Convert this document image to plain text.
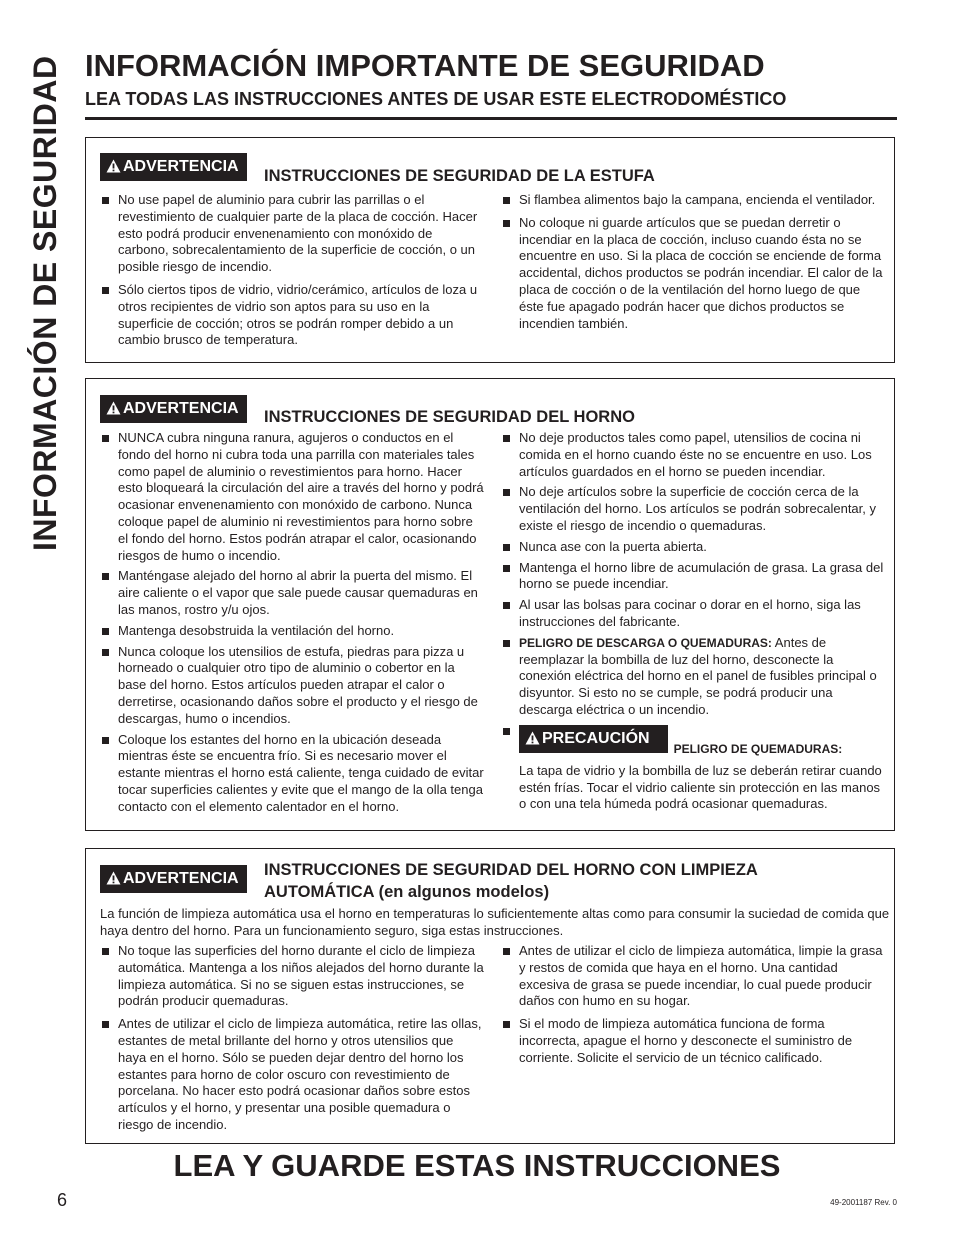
INFORMACIÓN DE SEGURIDAD INFORMACIÓN IMPORTANTE DE SEGURIDAD
LEA TODAS LAS INSTRUCCIONES ANTES DE USAR ESTE ELECTRODOMÉSTICO
ADVERTENCIA
INSTRUCCIONES DE SEGURIDAD DE LA ESTUFA
No use papel de aluminio para cubrir las parrillas o el revestimiento de cualquier parte de la placa de cocción. Hacer esto podrá producir envenenamiento con monóxido de carbono, sobrecalentamiento de la superficie de cocción, o un posible riesgo de incendio.
Sólo ciertos tipos de vidrio, vidrio/cerámico, artículos de loza u otros recipientes de vidrio son aptos para su uso en la superficie de cocción; otros se podrán romper debido a un cambio brusco de temperatura.
Si flambea alimentos bajo la campana, encienda el ventilador.
No coloque ni guarde artículos que se puedan derretir o incendiar en la placa de cocción, incluso cuando ésta no se encuentre en uso. Si la placa de cocción se enciende de forma accidental, dichos productos se podrán incendiar. El calor de la placa de cocción o de la ventilación del horno luego de que éste fue apagado podrán hacer que dichos productos se incendien también.
ADVERTENCIA	INSTRUCCIONES DE SEGURIDAD DEL HORNO
NUNCA cubra ninguna ranura, agujeros o conductos en el fondo del horno ni cubra toda una parrilla con materiales tales como papel de aluminio o revestimientos para horno. Hacer esto bloqueará la circulación del aire a través del horno y podrá ocasionar envenenamiento con monóxido de carbono. Nunca coloque papel de aluminio ni revestimientos para horno sobre el fondo del horno. Estos podrán atrapar el calor, ocasionando riesgos de humo o incendio.
Manténgase alejado del horno al abrir la puerta del mismo. El aire caliente o el vapor que sale puede causar quemaduras en las manos, rostro y/u ojos.
Mantenga desobstruida la ventilación del horno.
Nunca coloque los utensilios de estufa, piedras para pizza u horneado o cualquier otro tipo de aluminio o cobertor en la base del horno. Estos artículos pueden atrapar el calor o derretirse, ocasionando daños sobre el producto y el riesgo de descargas, humo o incendios.
Coloque los estantes del horno en la ubicación deseada mientras éste se encuentra frío. Si es necesario mover el estante mientras el horno está caliente, tenga cuidado de evitar tocar superficies calientes y evite que el mango de la olla tenga contacto con el elemento calentador en el horno.
No deje productos tales como papel, utensilios de cocina ni comida en el horno cuando éste no se encuentre en uso. Los artículos guardados en el horno se pueden incendiar.
No deje artículos sobre la superficie de cocción cerca de la ventilación del horno. Los artículos se podrán sobrecalentar, y existe el riesgo de incendio o quemaduras.
Nunca ase con la puerta abierta.
Mantenga el horno libre de acumulación de grasa. La grasa del horno se puede incendiar.
Al usar las bolsas para cocinar o dorar en el horno, siga las instrucciones del fabricante.
PELIGRO DE DESCARGA O QUEMADURAS: Antes de reemplazar la bombilla de luz del horno, desconecte la conexión eléctrica del horno en el panel de fusibles principal o disyuntor. Si esto no se cumple, se podrá producir una descarga eléctrica o un incendio.
PRECAUCIÓNPELIGRO DE QUEMADURAS:
La tapa de vidrio y la bombilla de luz se deberán retirar cuando estén frías. Tocar el vidrio caliente sin protección en las manos o con una tela húmeda podrá ocasionar quemaduras.
ADVERTENCIA	INSTRUCCIONES DE SEGURIDAD DEL HORNO CON LIMPIEZA
AUTOMÁTICA (en algunos modelos)
La función de limpieza automática usa el horno en temperaturas lo suficientemente altas como para consumir la suciedad de comida que haya dentro del horno. Para un funcionamiento seguro, siga estas instrucciones.
No toque las superficies del horno durante el ciclo de limpieza automática. Mantenga a los niños alejados del horno durante la limpieza automática. Si no se siguen estas instrucciones, se podrán producir quemaduras.
Antes de utilizar el ciclo de limpieza automática, retire las ollas, estantes de metal brillante del horno y otros utensilios que haya en el horno. Sólo se pueden dejar dentro del horno los estantes para horno de color oscuro con revestimiento de porcelana. No hacer esto podrá ocasionar daños sobre estos artículos y el horno, y presentar una posible quemadura o riesgo de incendio.
Antes de utilizar el ciclo de limpieza automática, limpie la grasa y restos de comida que haya en el horno. Una cantidad excesiva de grasa se puede incendiar, lo cual puede producir daños con humo en su hogar.
Si el modo de limpieza automática funciona de forma incorrecta, apague el horno y desconecte el suministro de corriente. Solicite el servicio de un técnico calificado.
LEA Y GUARDE ESTAS INSTRUCCIONES
6	49-2001187 Rev. 0
